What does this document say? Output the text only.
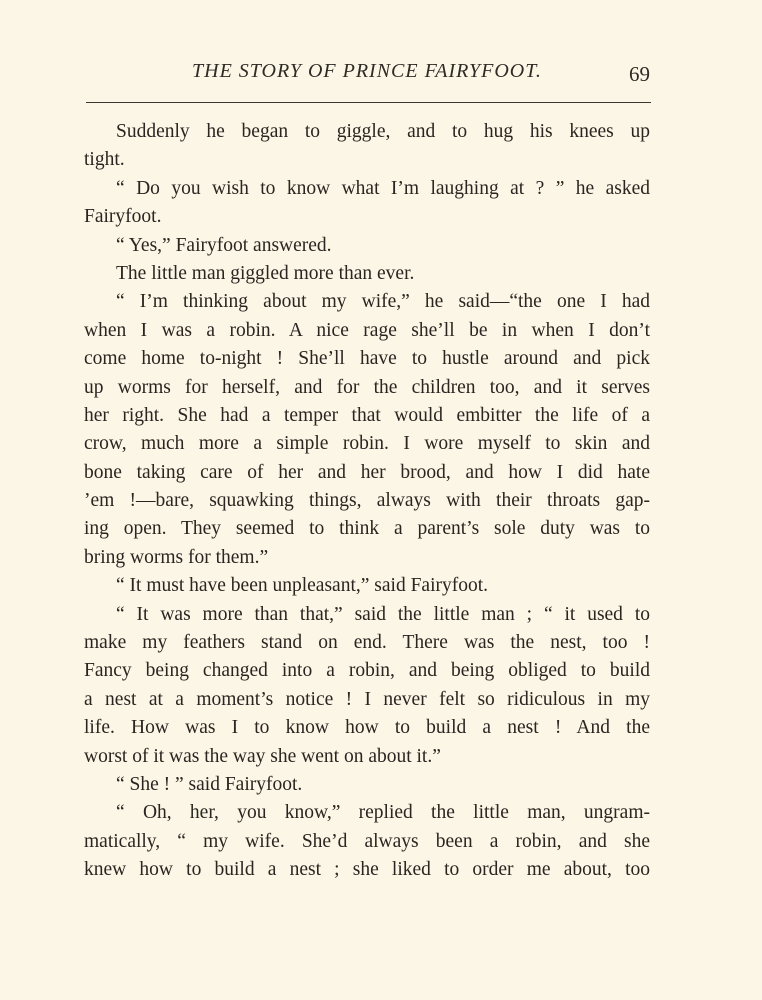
THE STORY OF PRINCE FAIRYFOOT.	69
Suddenly he began to giggle, and to hug his knees up
tight.
“ Do you wish to know what I’m laughing at ? ” he asked
Fairyfoot.
“ Yes,” Fairyfoot answered.
The little man giggled more than ever.
“ I’m thinking about my wife,” he said—“the one I had
when I was a robin. A nice rage she’ll be in when I don’t
come home to-night ! She’ll have to hustle around and pick
up worms for herself, and for the children too, and it serves
her right. She had a temper that would embitter the life of a
crow, much more a simple robin. I wore myself to skin and
bone taking care of her and her brood, and how I did hate
’em !—bare, squawking things, always with their throats gap-
ing open. They seemed to think a parent’s sole duty was to
bring worms for them.”
“ It must have been unpleasant,” said Fairyfoot.
“ It was more than that,” said the little man ; “ it used to
make my feathers stand on end. There was the nest, too !
Fancy being changed into a robin, and being obliged to build
a nest at a moment’s notice ! I never felt so ridiculous in my
life. How was I to know how to build a nest ! And the
worst of it was the way she went on about it.”
“ She ! ” said Fairyfoot.
“ Oh, her, you know,” replied the little man, ungram-
matically, “ my wife. She’d always been a robin, and she
knew how to build a nest ; she liked to order me about, too
